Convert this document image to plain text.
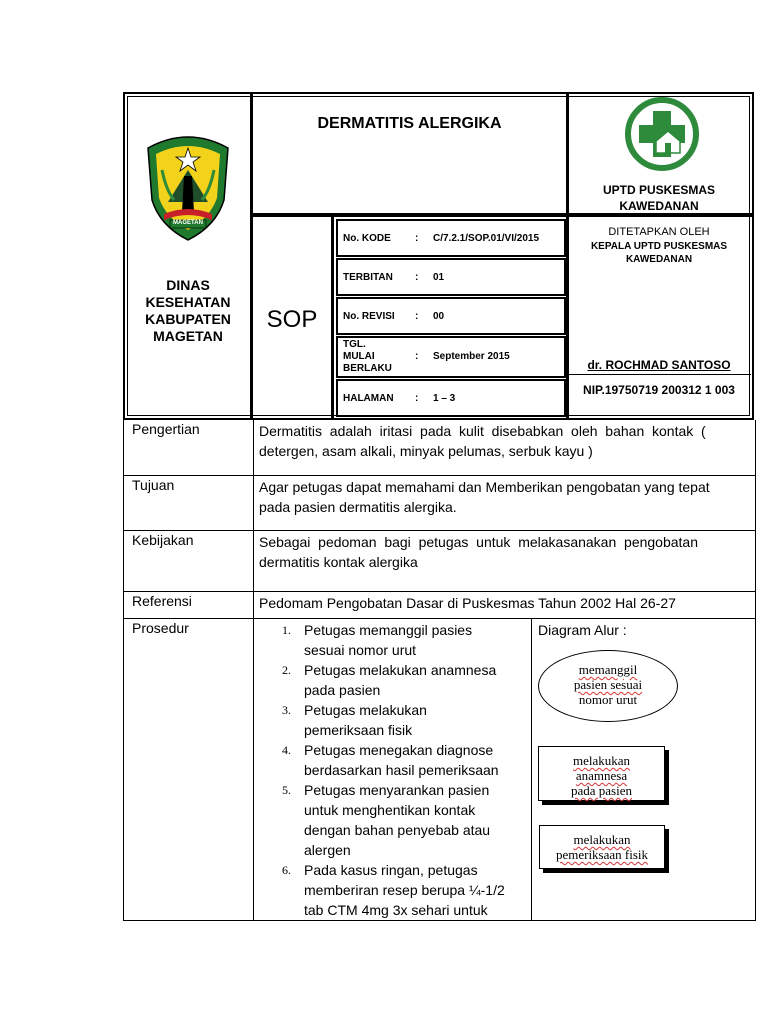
MAGETAN
DINAS
KESEHATAN
KABUPATEN
MAGETAN
DERMATITIS ALERGIKA
SOP
No. KODE : C/7.2.1/SOP.01/VI/2015
TERBITAN : 01
No. REVISI : 00
TGL.
MULAI
BERLAKU
: September 2015
HALAMAN : 1 – 3
UPTD PUSKESMAS
KAWEDANAN
DITETAPKAN OLEH
KEPALA UPTD PUSKESMAS
KAWEDANAN
dr. ROCHMAD SANTOSO
NIP.19750719 200312 1 003
Pengertian	Dermatitis  adalah  iritasi  pada  kulit  disebabkan  oleh  bahan  kontak  (
detergen, asam alkali, minyak pelumas, serbuk kayu )
Tujuan	Agar petugas dapat memahami dan Memberikan pengobatan yang tepat
pada pasien dermatitis alergika.
Kebijakan	Sebagai  pedoman  bagi  petugas  untuk  melakasanakan  pengobatan
dermatitis kontak alergika
Referensi	Pedomam Pengobatan Dasar di Puskesmas Tahun 2002 Hal 26-27
Prosedur	1. Petugas memanggil pasies
sesuai nomor urut
2. Petugas melakukan anamnesa
pada pasien
3. Petugas melakukan
pemeriksaan fisik
4. Petugas menegakan diagnose
berdasarkan hasil pemeriksaan
5. Petugas menyarankan pasien
untuk menghentikan kontak
dengan bahan penyebab atau
alergen
6. Pada kasus ringan, petugas
memberiran resep berupa ¼-1/2
tab CTM 4mg 3x sehari untuk
Diagram Alur :
memanggil
pasien sesuai
nomor urut
melakukan
anamnesa
pada pasien
melakukan
pemeriksaan fisik
